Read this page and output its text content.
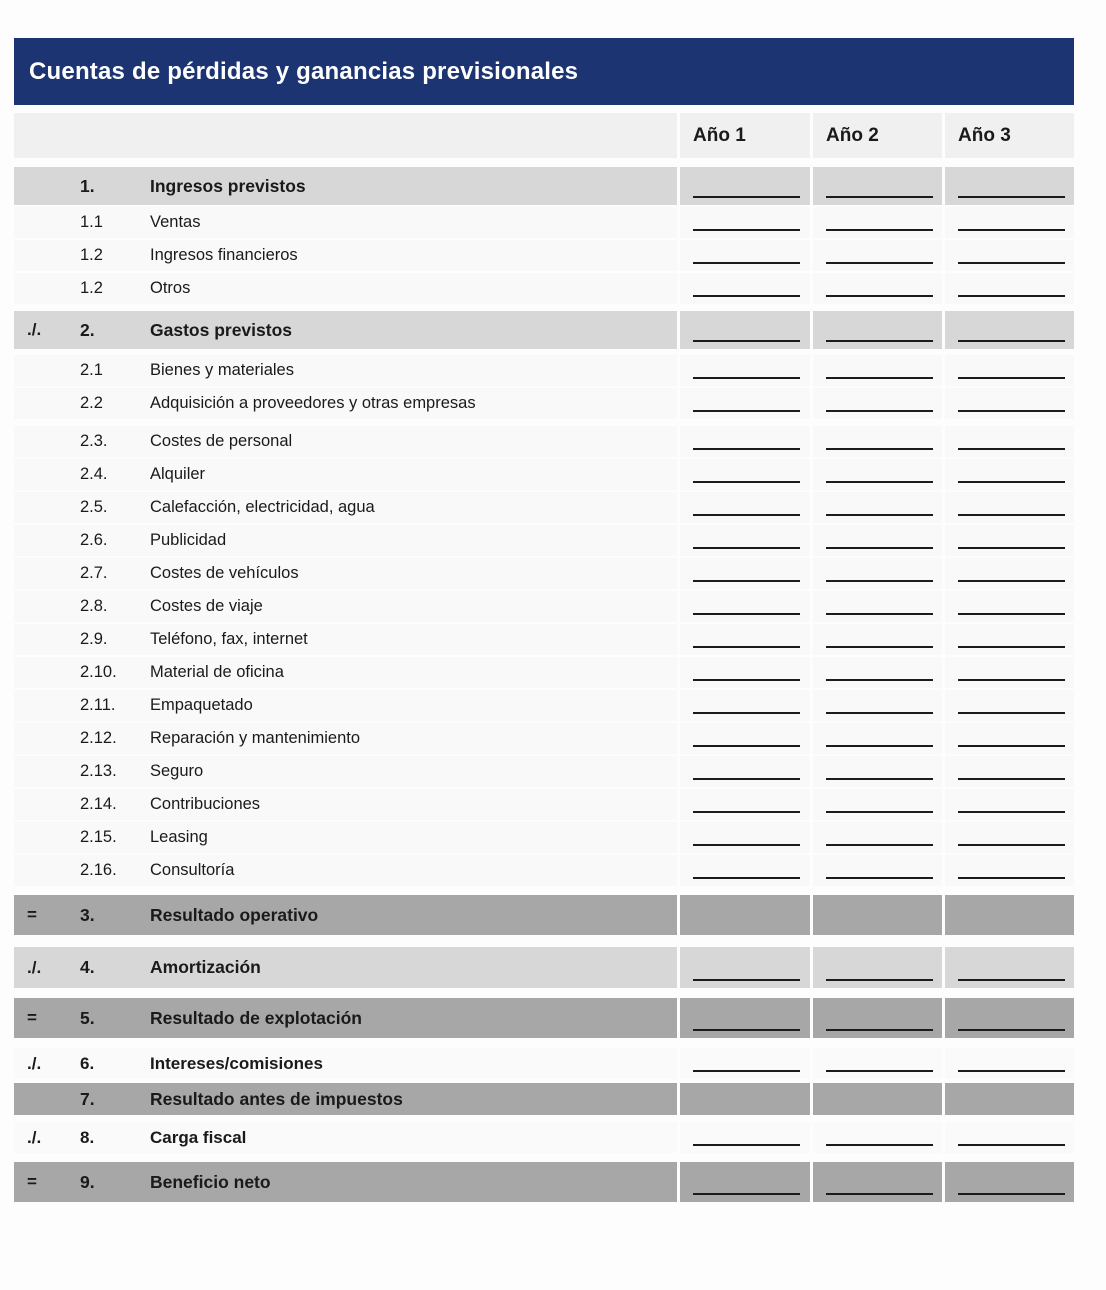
Cuentas de pérdidas y ganancias previsionales
Año 1	Año 2	Año 3
1.	Ingresos previstos
1.1	Ventas
1.2	Ingresos financieros
1.2	Otros
./.	2.	Gastos previstos
2.1	Bienes y materiales
2.2	Adquisición a proveedores y otras empresas
2.3.	Costes de personal
2.4.	Alquiler
2.5.	Calefacción, electricidad, agua
2.6.	Publicidad
2.7.	Costes de vehículos
2.8.	Costes de viaje
2.9.	Teléfono, fax, internet
2.10.	Material de oficina
2.11.	Empaquetado
2.12.	Reparación y mantenimiento
2.13.	Seguro
2.14.	Contribuciones
2.15.	Leasing
2.16.	Consultoría
=	3.	Resultado operativo
./.	4.	Amortización
=	5.	Resultado de explotación
./.	6.	Intereses/comisiones
7.	Resultado antes de impuestos
./.	8.	Carga fiscal
=	9.	Beneficio neto
